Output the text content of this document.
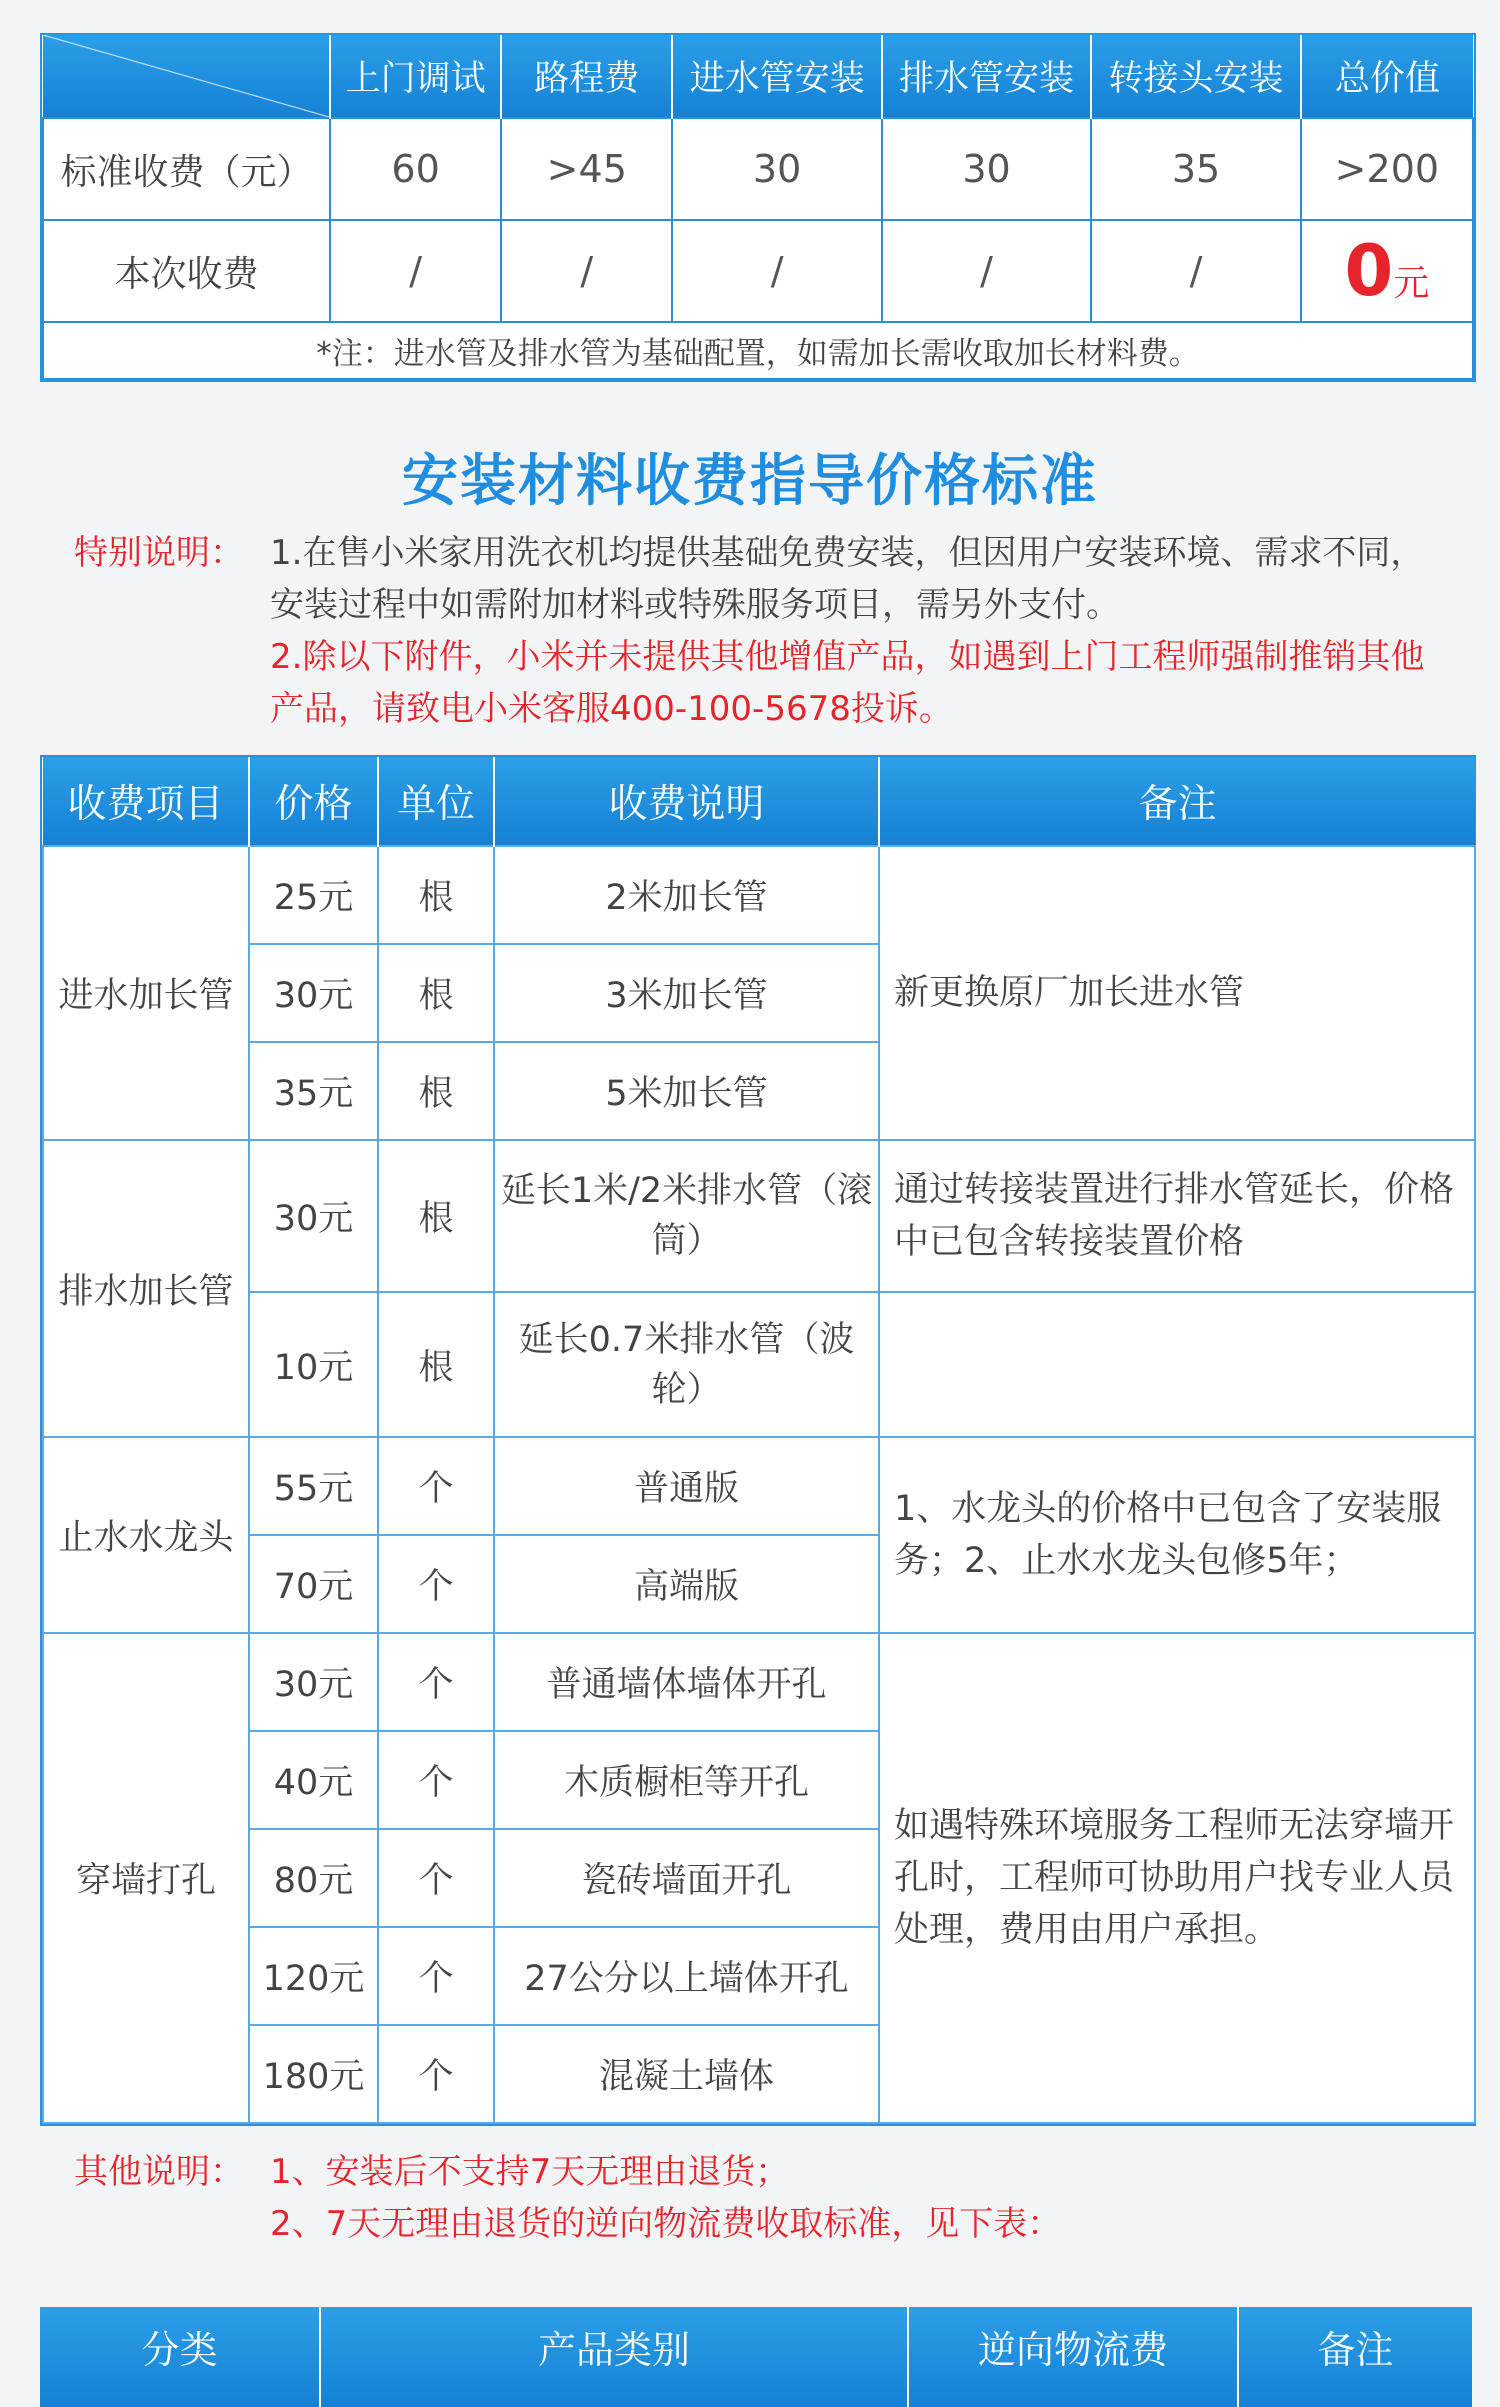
	上门调试	路程费	进水管安装	排水管安装	转接头安装	总价值
标准收费（元）	60	>45	30	30	35	>200
本次收费	/	/	/	/	/	0元
*注：进水管及排水管为基础配置，如需加长需收取加长材料费。						
安装材料收费指导价格标准
特别说明： 1.在售小米家用洗衣机均提供基础免费安装，但因用户安装环境、需求不同，安装过程中如需附加材料或特殊服务项目，需另外支付。
2.除以下附件，小米并未提供其他增值产品，如遇到上门工程师强制推销其他产品，请致电小米客服400-100-5678投诉。
收费项目	价格	单位	收费说明	备注
进水加长管	25元	根	2米加长管	新更换原厂加长进水管
	30元	根	3米加长管	
	35元	根	5米加长管	
排水加长管	30元	根	延长1米/2米排水管（滚筒）	通过转接装置进行排水管延长，价格中已包含转接装置价格
	10元	根	延长0.7米排水管（波轮）	
止水水龙头	55元	个	普通版	1、水龙头的价格中已包含了安装服务；2、止水水龙头包修5年；
	70元	个	高端版	
穿墙打孔	30元	个	普通墙体墙体开孔	如遇特殊环境服务工程师无法穿墙开孔时，工程师可协助用户找专业人员处理，费用由用户承担。
	40元	个	木质橱柜等开孔	
	80元	个	瓷砖墙面开孔	
	120元	个	27公分以上墙体开孔	
	180元	个	混凝土墙体	
其他说明： 1、安装后不支持7天无理由退货；
2、7天无理由退货的逆向物流费收取标准，见下表：
分类	产品类别	逆向物流费	备注
